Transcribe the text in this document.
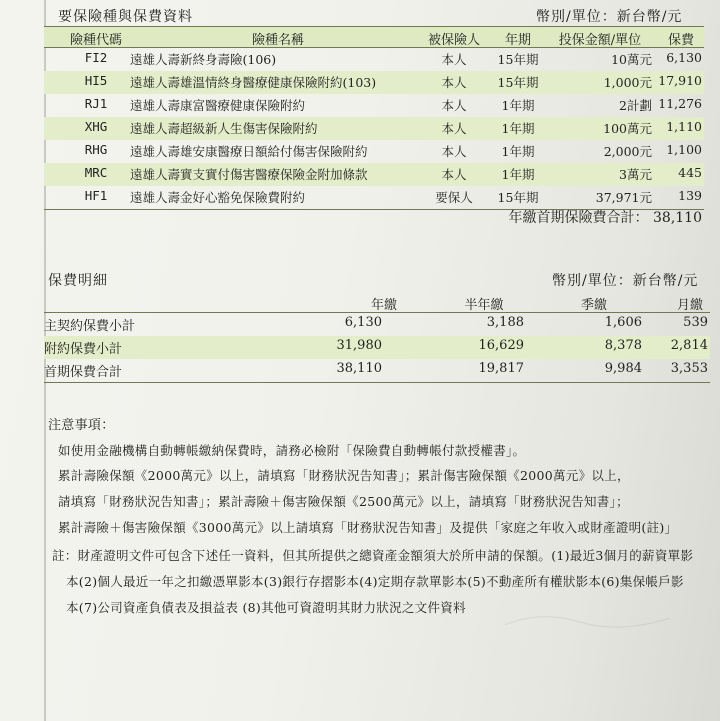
要保險種與保費資料	幣別/單位：新台幣/元
險種代碼	險種名稱	被保險人	年期	投保金額/單位	保費
FI2	遠雄人壽新終身壽險(106)	本人	15年期	10萬元	6,130
HI5	遠雄人壽雄溫情終身醫療健康保險附約(103)	本人	15年期	1,000元 17,910
RJ1	遠雄人壽康富醫療健康保險附約	本人	1年期	2計劃 11,276
XHG	遠雄人壽超級新人生傷害保險附約	本人	1年期	100萬元	1,110
RHG	遠雄人壽雄安康醫療日額給付傷害保險附約	本人	1年期	2,000元	1,100
MRC	遠雄人壽實支實付傷害醫療保險金附加條款	本人	1年期	3萬元	445
HF1	遠雄人壽金好心豁免保險費附約	要保人	15年期	37,971元	139
年繳首期保險費合計： 38,110
保費明細	幣別/單位：新台幣/元
年繳	半年繳	季繳	月繳
主契約保費小計	6,130	3,188	1,606	539
附約保費小計	31,980	16,629	8,378	2,814
首期保費合計	38,110	19,817	9,984	3,353
注意事項：
如使用金融機構自動轉帳繳納保費時，請務必檢附「保險費自動轉帳付款授權書」。
累計壽險保額《2000萬元》以上，請填寫「財務狀況告知書」；累計傷害險保額《2000萬元》以上，
請填寫「財務狀況告知書」；累計壽險＋傷害險保額《2500萬元》以上，請填寫「財務狀況告知書」；
累計壽險＋傷害險保額《3000萬元》以上請填寫「財務狀況告知書」及提供「家庭之年收入或財產證明(註)」
註：財產證明文件可包含下述任一資料，但其所提供之總資產金額須大於所申請的保額。(1)最近3個月的薪資單影
本(2)個人最近一年之扣繳憑單影本(3)銀行存摺影本(4)定期存款單影本(5)不動產所有權狀影本(6)集保帳戶影
本(7)公司資產負債表及損益表 (8)其他可資證明其財力狀況之文件資料
